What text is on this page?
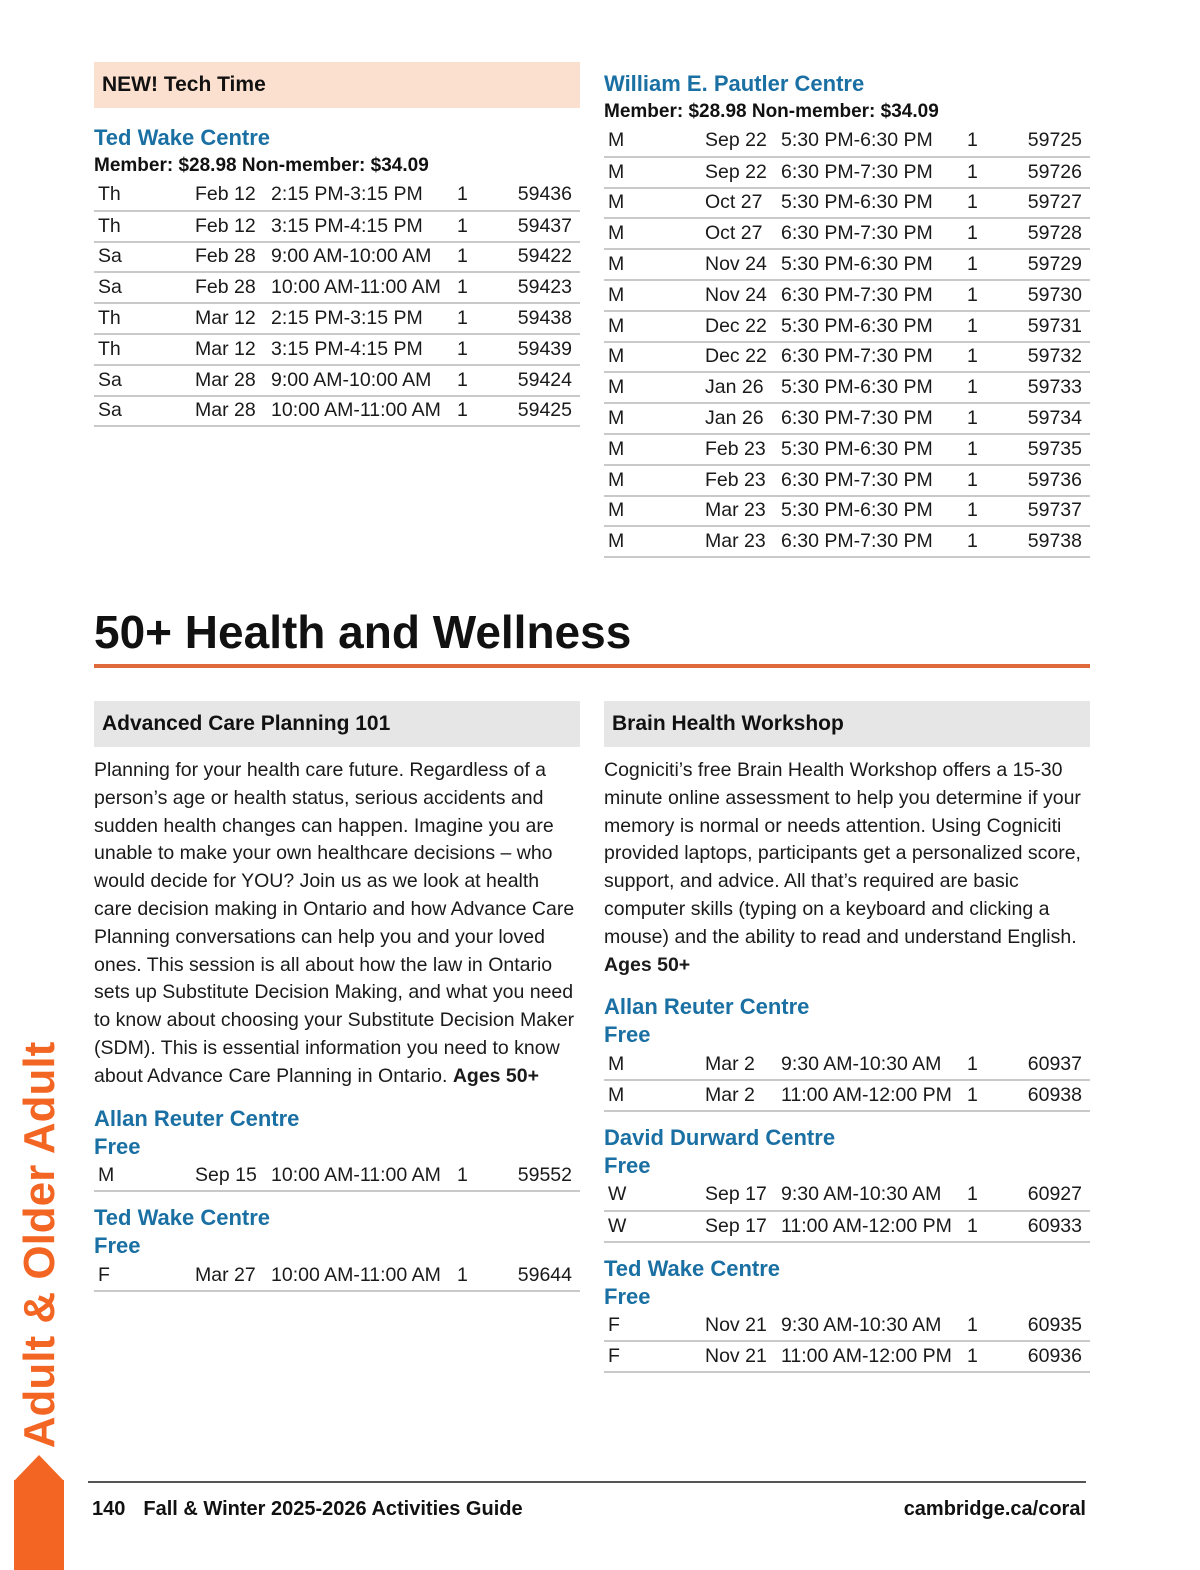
NEW! Tech Time
Ted Wake Centre
Member: $28.98 Non-member: $34.09
Th	Feb 12	2:15 PM-3:15 PM	1	59436
Th	Feb 12	3:15 PM-4:15 PM	1	59437
Sa	Feb 28	9:00 AM-10:00 AM	1	59422
Sa	Feb 28	10:00 AM-11:00 AM	1	59423
Th	Mar 12	2:15 PM-3:15 PM	1	59438
Th	Mar 12	3:15 PM-4:15 PM	1	59439
Sa	Mar 28	9:00 AM-10:00 AM	1	59424
Sa	Mar 28	10:00 AM-11:00 AM	1	59425
William E. Pautler Centre
Member: $28.98 Non-member: $34.09
M	Sep 22	5:30 PM-6:30 PM	1	59725
M	Sep 22	6:30 PM-7:30 PM	1	59726
M	Oct 27	5:30 PM-6:30 PM	1	59727
M	Oct 27	6:30 PM-7:30 PM	1	59728
M	Nov 24	5:30 PM-6:30 PM	1	59729
M	Nov 24	6:30 PM-7:30 PM	1	59730
M	Dec 22	5:30 PM-6:30 PM	1	59731
M	Dec 22	6:30 PM-7:30 PM	1	59732
M	Jan 26	5:30 PM-6:30 PM	1	59733
M	Jan 26	6:30 PM-7:30 PM	1	59734
M	Feb 23	5:30 PM-6:30 PM	1	59735
M	Feb 23	6:30 PM-7:30 PM	1	59736
M	Mar 23	5:30 PM-6:30 PM	1	59737
M	Mar 23	6:30 PM-7:30 PM	1	59738
50+ Health and Wellness
Advanced Care Planning 101

Planning for your health care future. Regardless of a person’s age or health status, serious accidents and sudden health changes can happen. Imagine you are unable to make your own healthcare decisions – who would decide for YOU? Join us as we look at health care decision making in Ontario and how Advance Care Planning conversations can help you and your loved ones. This session is all about how the law in Ontario sets up Substitute Decision Making, and what you need to know about choosing your Substitute Decision Maker (SDM). This is essential information you need to know about Advance Care Planning in Ontario. Ages 50+

Allan Reuter Centre
Free
M	Sep 15	10:00 AM-11:00 AM	1	59552
Ted Wake Centre
Free
F	Mar 27	10:00 AM-11:00 AM	1	59644
Brain Health Workshop

Cogniciti’s free Brain Health Workshop offers a 15-30 minute online assessment to help you determine if your memory is normal or needs attention. Using Cogniciti provided laptops, participants get a personalized score, support, and advice. All that’s required are basic computer skills (typing on a keyboard and clicking a mouse) and the ability to read and understand English.
Ages 50+

Allan Reuter Centre
Free
M	Mar 2	9:30 AM-10:30 AM	1	60937
M	Mar 2	11:00 AM-12:00 PM	1	60938
David Durward Centre
Free
W	Sep 17	9:30 AM-10:30 AM	1	60927
W	Sep 17	11:00 AM-12:00 PM	1	60933
Ted Wake Centre
Free
F	Nov 21	9:30 AM-10:30 AM	1	60935
F	Nov 21	11:00 AM-12:00 PM	1	60936
Adult & Older Adult
140 Fall & Winter 2025-2026 Activities Guide	cambridge.ca/coral
